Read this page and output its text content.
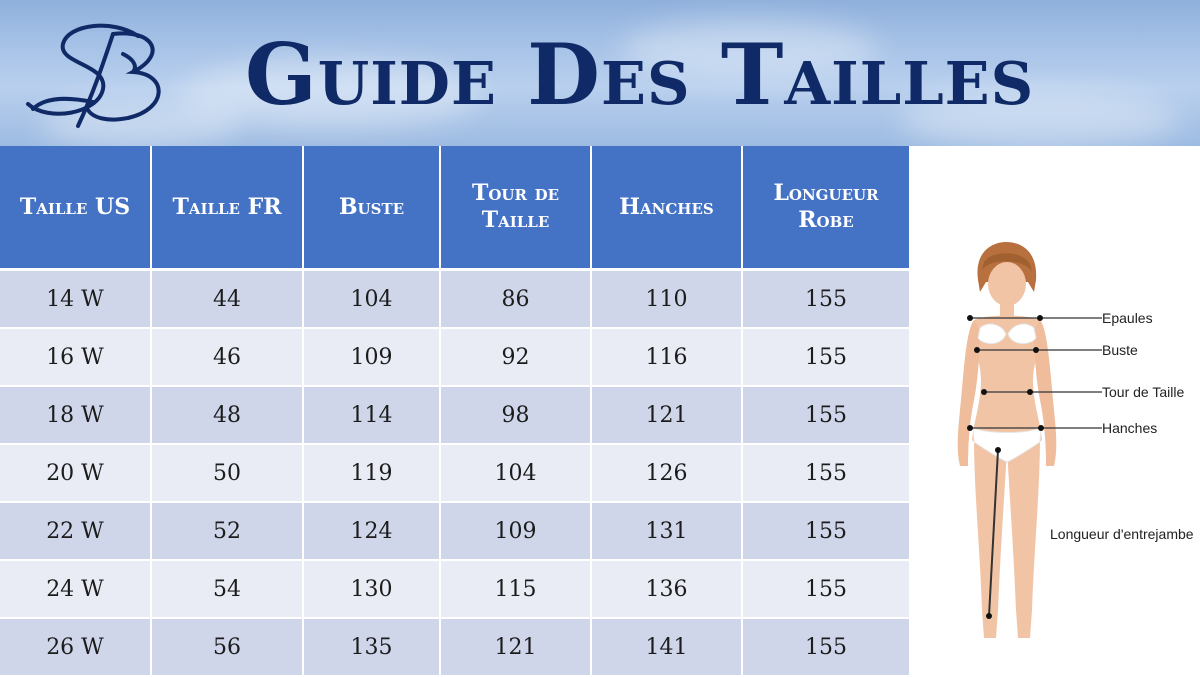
SB
Guide Des Tailles
Taille US	Taille FR	Buste	Tour de Taille	Hanches	Longueur Robe
14 W	44	104	86	110	155
16 W	46	109	92	116	155
18 W	48	114	98	121	155
20 W	50	119	104	126	155
22 W	52	124	109	131	155
24 W	54	130	115	136	155
26 W	56	135	121	141	155
Epaules
Buste
Tour de Taille
Hanches
Longueur d'entrejambe
